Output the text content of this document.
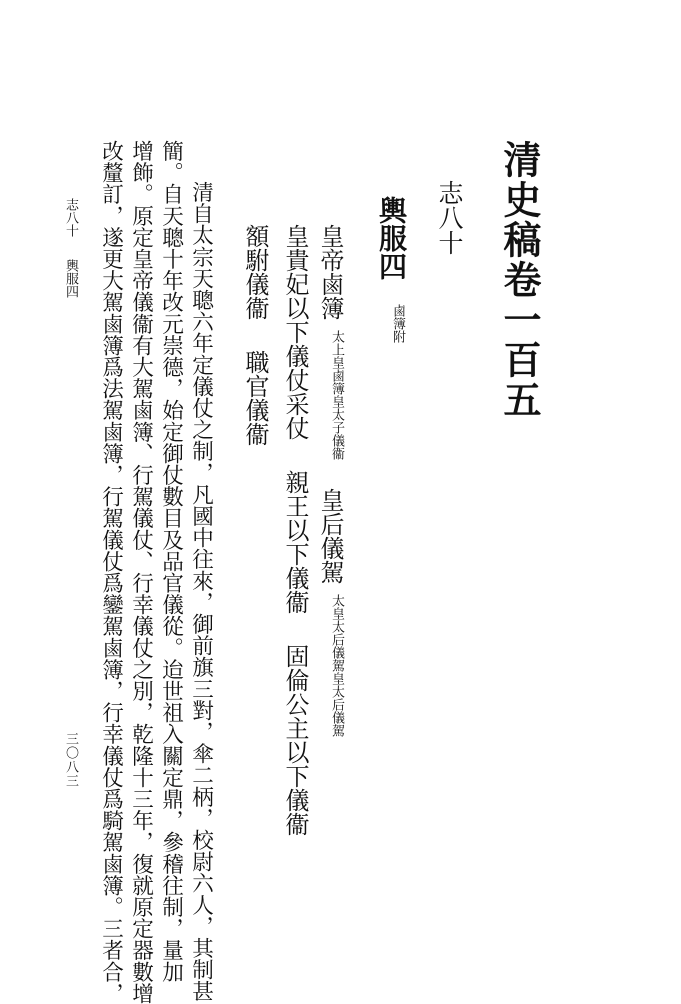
清史稿卷一百五
志八十
輿服四鹵簿附
皇帝鹵簿太上皇鹵簿皇太子儀衞皇后儀駕太皇太后儀駕皇太后儀駕
皇貴妃以下儀仗采仗親王以下儀衞固倫公主以下儀衞
額駙儀衞職官儀衞
清自太宗天聰六年定儀仗之制，凡國中往來，御前旗三對，傘二柄，校尉六人，其制甚
簡。自天聰十年改元崇德，始定御仗數目及品官儀從。迨世祖入關定鼎，參稽往制，量加
增飾。原定皇帝儀衞有大駕鹵簿、行駕儀仗、行幸儀仗之別，乾隆十三年，復就原定器數增
改釐訂，遂更大駕鹵簿爲法駕鹵簿，行駕儀仗爲鑾駕鹵簿，行幸儀仗爲騎駕鹵簿。三者合，
志八十輿服四
三〇八三
